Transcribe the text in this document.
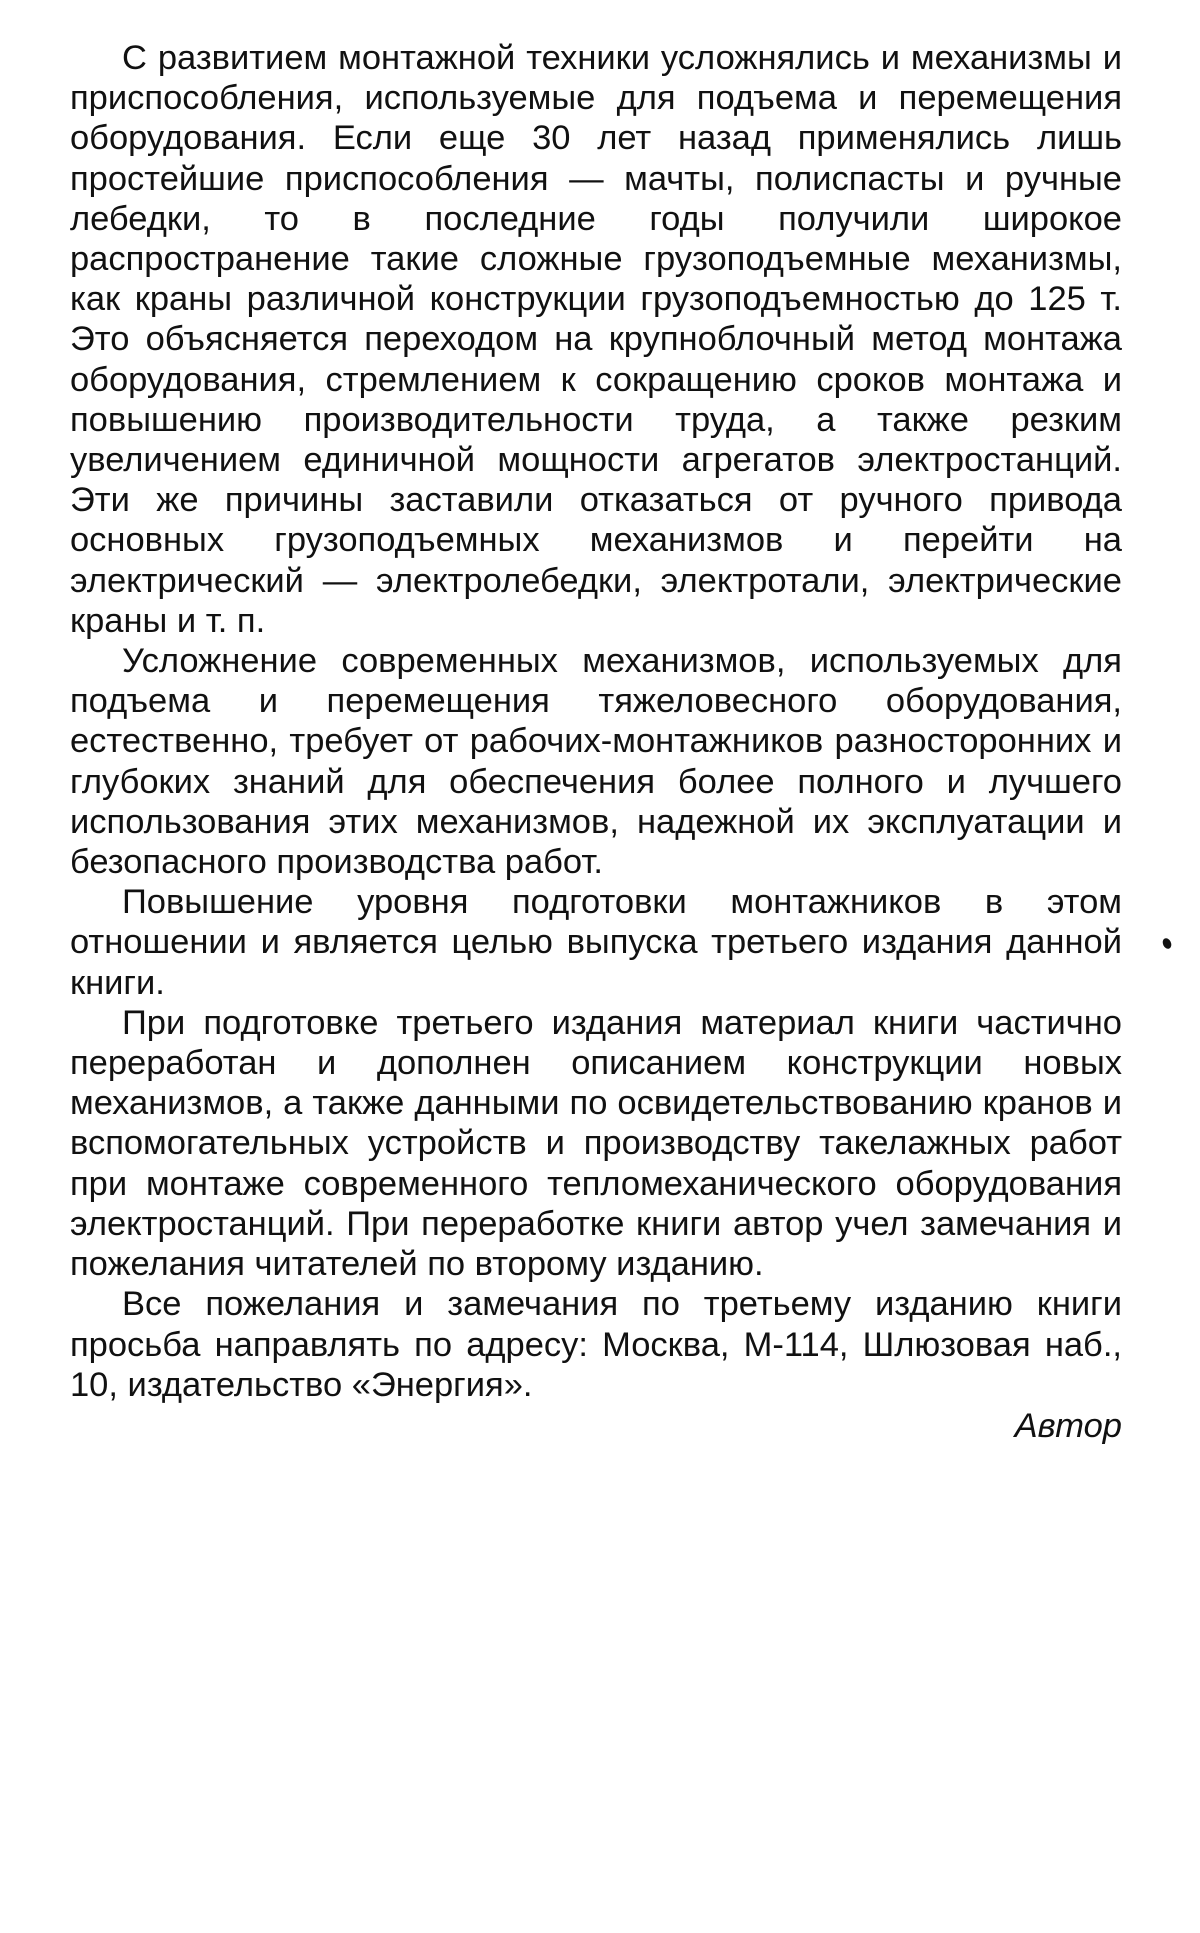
С развитием монтажной техники усложнялись и механизмы и приспособления, используемые для подъема и перемещения оборудования. Если еще 30 лет назад применялись лишь простейшие приспособления — мачты, полиспасты и ручные лебедки, то в последние годы получили широкое распространение такие сложные грузоподъемные механизмы, как краны различной конструкции грузоподъемностью до 125 т. Это объясняется переходом на крупноблочный метод монтажа оборудования, стремлением к сокращению сроков монтажа и повышению производительности труда, а также резким увеличением единичной мощности агрегатов электростанций. Эти же причины заставили отказаться от ручного привода основных грузоподъемных механизмов и перейти на электрический — электролебедки, электротали, электрические краны и т. п.

Усложнение современных механизмов, используемых для подъема и перемещения тяжеловесного оборудования, естественно, требует от рабочих-монтажников разносторонних и глубоких знаний для обеспечения более полного и лучшего использования этих механизмов, надежной их эксплуатации и безопасного производства работ.

Повышение уровня подготовки монтажников в этом отношении и является целью выпуска третьего издания данной книги.

При подготовке третьего издания материал книги частично переработан и дополнен описанием конструкции новых механизмов, а также данными по освидетельствованию кранов и вспомогательных устройств и производству такелажных работ при монтаже современного тепломеханического оборудования электростанций. При переработке книги автор учел замечания и пожелания читателей по второму изданию.

Все пожелания и замечания по третьему изданию книги просьба направлять по адресу: Москва, М-114, Шлюзовая наб., 10, издательство «Энергия».

Автор
